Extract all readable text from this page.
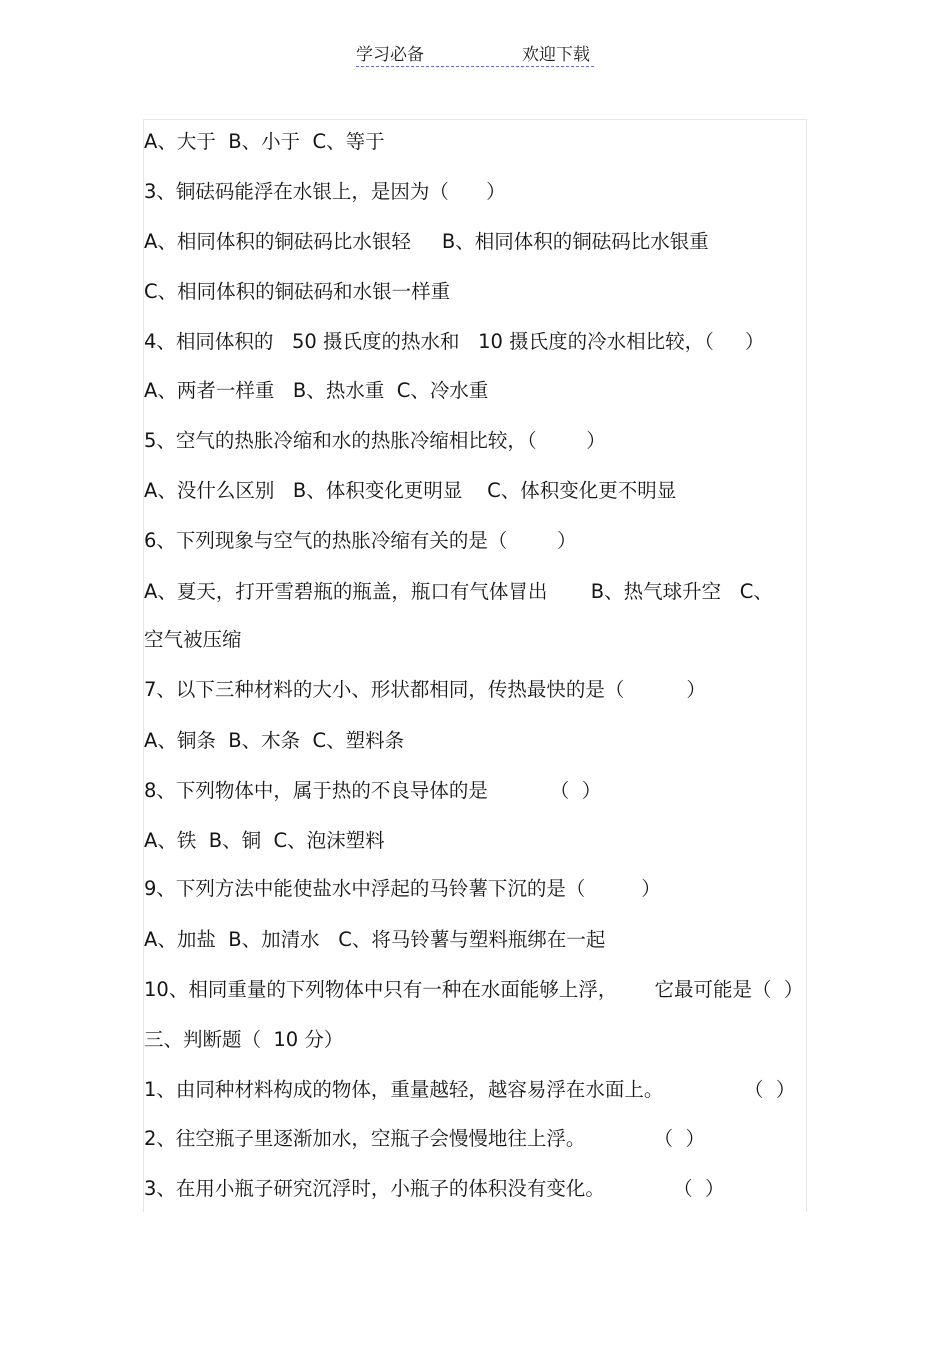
学习必备	欢迎下载
A、大于  B、小于  C、等于
3、铜砝码能浮在水银上，是因为（      ）
A、相同体积的铜砝码比水银轻     B、相同体积的铜砝码比水银重
C、相同体积的铜砝码和水银一样重
4、相同体积的   50 摄氏度的热水和   10 摄氏度的冷水相比较，（     ）
A、两者一样重   B、热水重  C、冷水重
5、空气的热胀冷缩和水的热胀冷缩相比较，（        ）
A、没什么区别   B、体积变化更明显    C、体积变化更不明显
6、下列现象与空气的热胀冷缩有关的是（        ）
A、夏天，打开雪碧瓶的瓶盖，瓶口有气体冒出       B、热气球升空   C、
空气被压缩
7、以下三种材料的大小、形状都相同，传热最快的是（          ）
A、铜条  B、木条  C、塑料条
8、下列物体中，属于热的不良导体的是          （  ）
A、铁  B、铜  C、泡沫塑料
9、下列方法中能使盐水中浮起的马铃薯下沉的是（         ）
A、加盐  B、加清水   C、将马铃薯与塑料瓶绑在一起
10、相同重量的下列物体中只有一种在水面能够上浮，      它最可能是（  ）
三、判断题（  10 分）
1、由同种材料构成的物体，重量越轻，越容易浮在水面上。             （  ）
2、往空瓶子里逐渐加水，空瓶子会慢慢地往上浮。           （  ）
3、在用小瓶子研究沉浮时，小瓶子的体积没有变化。           （  ）
